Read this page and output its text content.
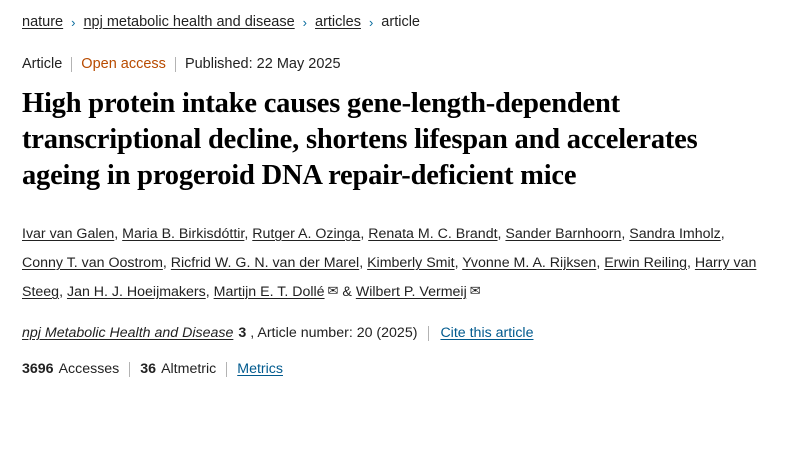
nature › npj metabolic health and disease › articles › article
Article Open access Published: 22 May 2025
High protein intake causes gene-length-dependent transcriptional decline, shortens lifespan and accelerates ageing in progeroid DNA repair-deficient mice
Ivar van Galen, Maria B. Birkisdóttir, Rutger A. Ozinga, Renata M. C. Brandt, Sander Barnhoorn, Sandra Imholz, Conny T. van Oostrom, Ricfrid W. G. N. van der Marel, Kimberly Smit, Yvonne M. A. Rijksen, Erwin Reiling, Harry van Steeg, Jan H. J. Hoeijmakers, Martijn E. T. Dollé ✉ & Wilbert P. Vermeij ✉
npj Metabolic Health and Disease 3 , Article number: 20 (2025) Cite this article
3696 Accesses 36 Altmetric Metrics
